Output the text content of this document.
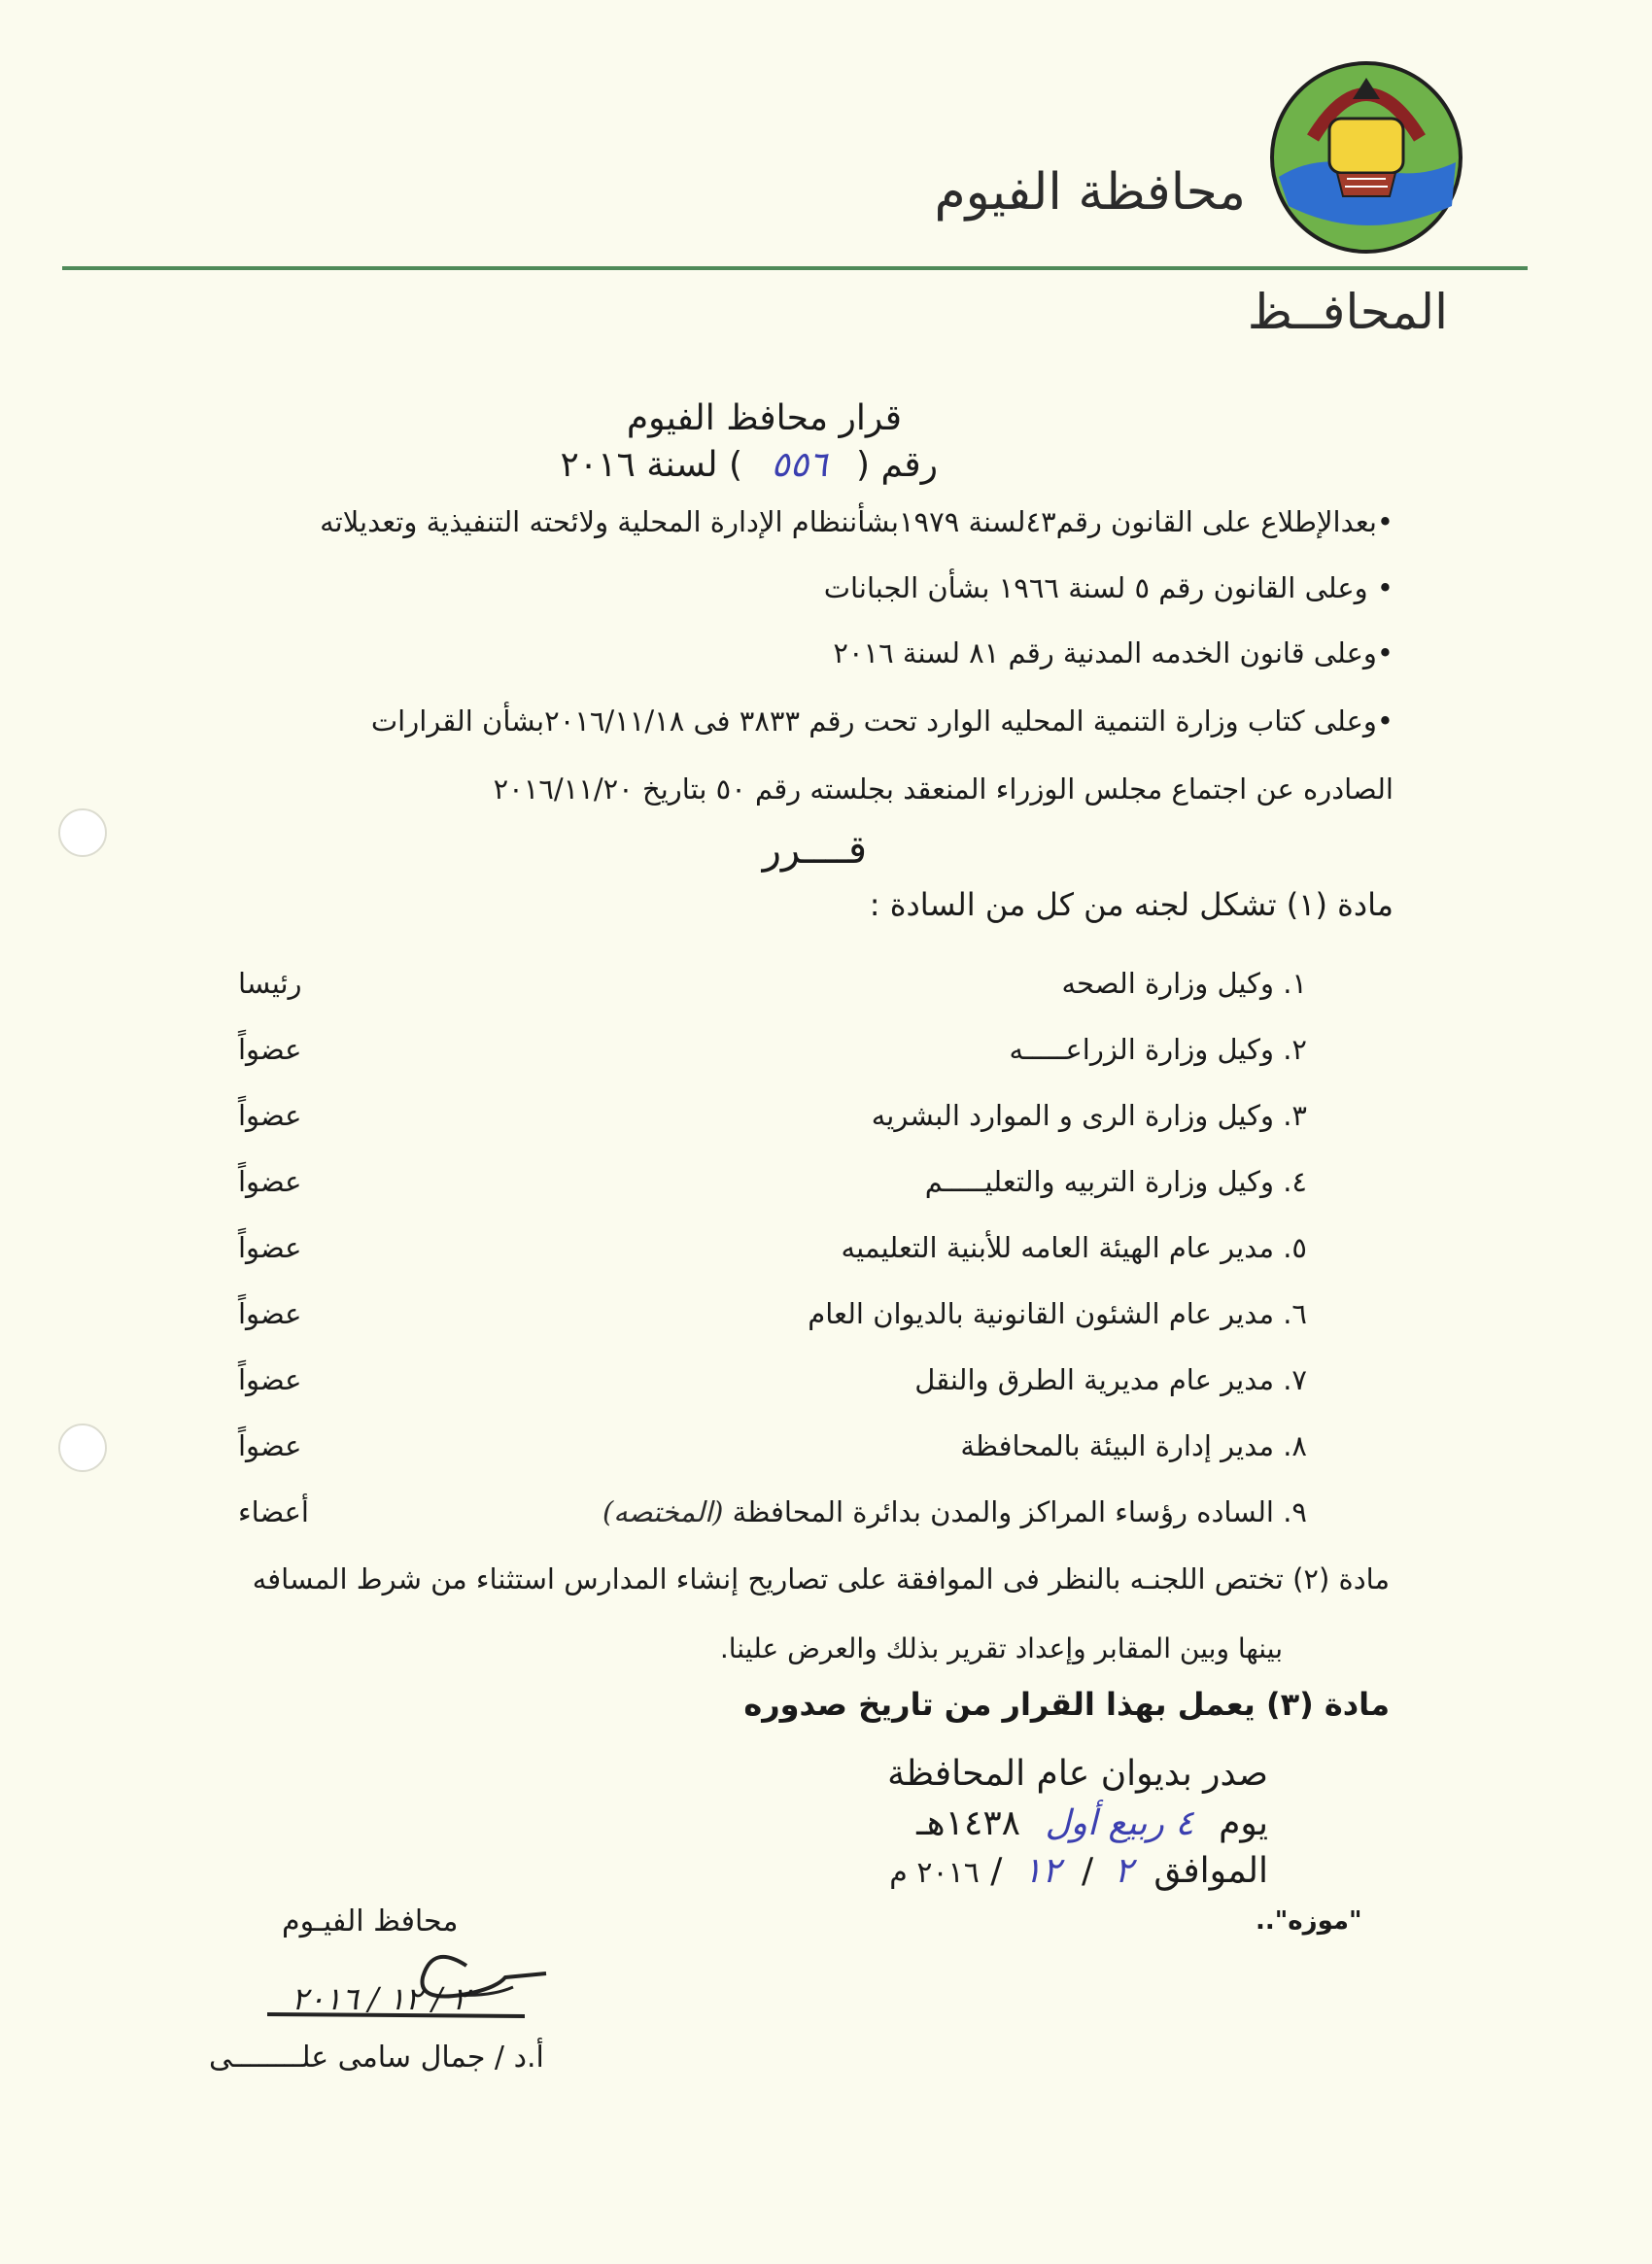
محافظة الفيوم
المحافــظ
قرار محافظ الفيوم
رقم ( ٥٥٦ ) لسنة ٢٠١٦
•بعدالإطلاع على القانون رقم٤٣لسنة ١٩٧٩بشأننظام الإدارة المحلية ولائحته التنفيذية وتعديلاته
• وعلى القانون رقم ٥ لسنة ١٩٦٦ بشأن الجبانات
•وعلى قانون الخدمه المدنية رقم ٨١ لسنة ٢٠١٦
•وعلى كتاب وزارة التنمية المحليه الوارد تحت رقم ٣٨٣٣ فى ٢٠١٦/١١/١٨بشأن القرارات
الصادره عن اجتماع مجلس الوزراء المنعقد بجلسته رقم ٥٠ بتاريخ ٢٠١٦/١١/٢٠
قــــرر
مادة (١) تشكل لجنه من كل من السادة :
١. وكيل وزارة الصحه
رئيسا
٢. وكيل وزارة الزراعـــــه
عضواً
٣. وكيل وزارة الرى و الموارد البشريه
عضواً
٤. وكيل وزارة التربيه والتعليـــــم
عضواً
٥. مدير عام الهيئة العامه للأبنية التعليميه
عضواً
٦. مدير عام الشئون القانونية بالديوان العام
عضواً
٧. مدير عام مديرية الطرق والنقل
عضواً
٨. مدير إدارة البيئة بالمحافظة
عضواً
٩. الساده رؤساء المراكز والمدن بدائرة المحافظة (المختصه)
أعضاء
مادة (٢) تختص اللجنـه بالنظر فى الموافقة على تصاريح إنشاء المدارس استثناء من شرط المسافه
بينها وبين المقابر وإعداد تقرير بذلك والعرض علينا.
مادة (٣) يعمل بهذا القرار من تاريخ صدوره
صدر بديوان عام المحافظة
يوم ٤ ربيع أول ١٤٣٨هـ
الموافق ٢ / ١٢ / ٢٠١٦ م
"موزه"..
محافظ الفيـوم
٢ / ١٢ / ٢٠١٦
أ.د / جمال سامى علــــــــى
